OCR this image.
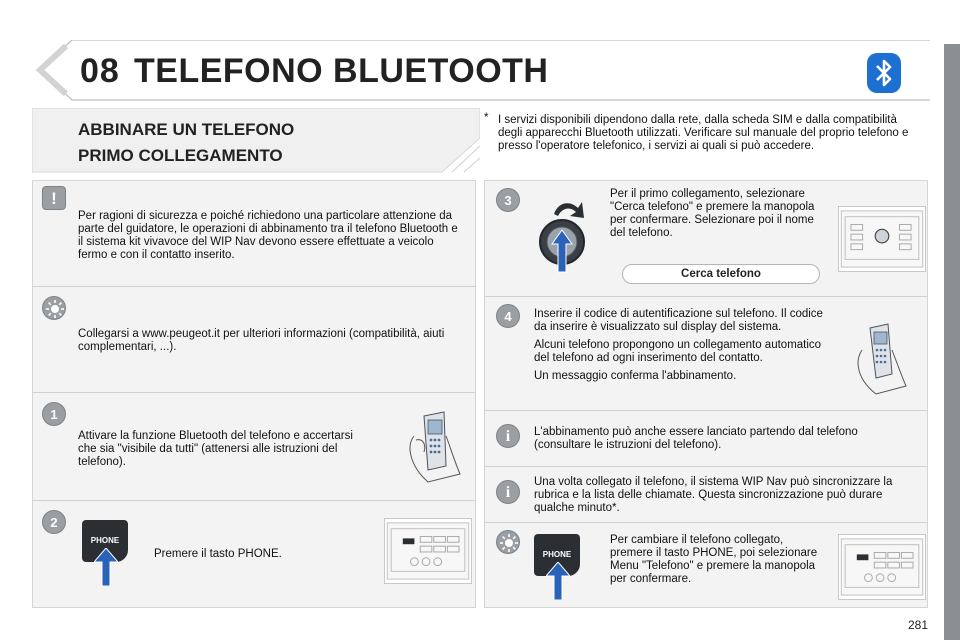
08 TELEFONO BLUETOOTH
ABBINARE UN TELEFONO
PRIMO COLLEGAMENTO
* I servizi disponibili dipendono dalla rete, dalla scheda SIM e dalla compatibilità degli apparecchi Bluetooth utilizzati. Verificare sul manuale del proprio telefono e presso l'operatore telefonico, i servizi ai quali si può accedere.
!
Per ragioni di sicurezza e poiché richiedono una particolare attenzione da parte del guidatore, le operazioni di abbinamento tra il telefono Bluetooth e il sistema kit vivavoce del WIP Nav devono essere effettuate a veicolo fermo e con il contatto inserito.
Collegarsi a www.peugeot.it per ulteriori informazioni (compatibilità, aiuti complementari, ...).
1
Attivare la funzione Bluetooth del telefono e accertarsi che sia "visibile da tutti" (attenersi alle istruzioni del telefono).
2
PHONE
Premere il tasto PHONE.
3	Per il primo collegamento, selezionare "Cerca telefono" e premere la manopola per confermare. Selezionare poi il nome del telefono.
Cerca telefono
4	Inserire il codice di autentificazione sul telefono. Il codice da inserire è visualizzato sul display del sistema.

Alcuni telefono propongono un collegamento automatico del telefono ad ogni inserimento del contatto.

Un messaggio conferma l'abbinamento.

i	L'abbinamento può anche essere lanciato partendo dal telefono (consultare le istruzioni del telefono).
i
Una volta collegato il telefono, il sistema WIP Nav può sincronizzare la rubrica e la lista delle chiamate. Questa sincronizzazione può durare qualche minuto*.
PHONE
Per cambiare il telefono collegato, premere il tasto PHONE, poi selezionare Menu "Telefono" e premere la manopola per confermare.
281
